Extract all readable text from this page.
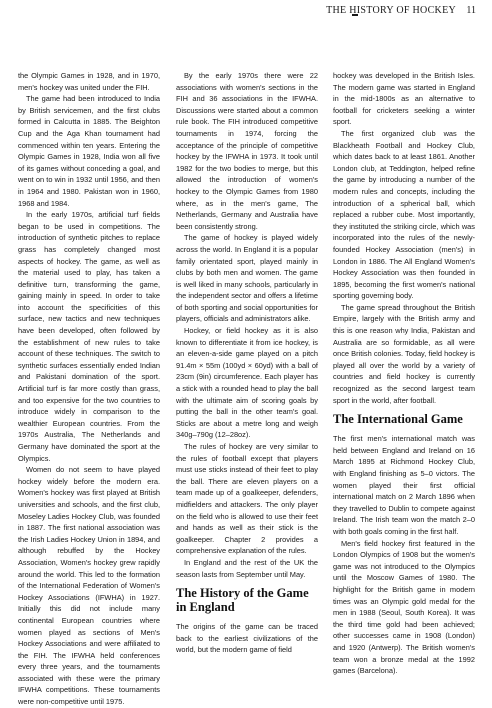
THE HISTORY OF HOCKEY 11

the Olympic Games in 1928, and in 1970, men's hockey was united under the FIH.

The game had been introduced to India by British servicemen, and the first clubs formed in Calcutta in 1885. The Beighton Cup and the Aga Khan tournament had commenced within ten years. Entering the Olympic Games in 1928, India won all five of its games without conceding a goal, and went on to win in 1932 until 1956, and then in 1964 and 1980. Pakistan won in 1960, 1968 and 1984.

In the early 1970s, artificial turf fields began to be used in competitions. The introduction of synthetic pitches to replace grass has completely changed most aspects of hockey. The game, as well as the material used to play, has taken a definitive turn, transforming the game, gaining mainly in speed. In order to take into account the specificities of this surface, new tactics and new techniques have been developed, often followed by the establishment of new rules to take account of these techniques. The switch to synthetic surfaces essentially ended Indian and Pakistani domination of the sport. Artificial turf is far more costly than grass, and too expensive for the two countries to introduce widely in comparison to the wealthier European countries. From the 1970s Australia, The Netherlands and Germany have dominated the sport at the Olympics.

Women do not seem to have played hockey widely before the modern era. Women's hockey was first played at British universities and schools, and the first club, Moseley Ladies Hockey Club, was founded in 1887. The first national association was the Irish Ladies Hockey Union in 1894, and although rebuffed by the Hockey Association, Women's hockey grew rapidly around the world. This led to the formation of the International Federation of Women's Hockey Associations (IFWHA) in 1927. Initially this did not include many continental European countries where women played as sections of Men's Hockey Associations and were affiliated to the FIH. The IFWHA held conferences every three years, and the tournaments associated with these were the primary IFWHA competitions. These tournaments were non-competitive until 1975.

By the early 1970s there were 22 associations with women's sections in the FIH and 36 associations in the IFWHA. Discussions were started about a common rule book. The FIH introduced competitive tournaments in 1974, forcing the acceptance of the principle of competitive hockey by the IFWHA in 1973. It took until 1982 for the two bodies to merge, but this allowed the introduction of women's hockey to the Olympic Games from 1980 where, as in the men's game, The Netherlands, Germany and Australia have been consistently strong.

The game of hockey is played widely across the world. In England it is a popular family orientated sport, played mainly in clubs by both men and women. The game is well liked in many schools, particularly in the independent sector and offers a lifetime of both sporting and social opportunities for players, officials and administrators alike.

Hockey, or field hockey as it is also known to differentiate it from ice hockey, is an eleven-a-side game played on a pitch 91.4m × 55m (100yd × 60yd) with a ball of 23cm (9in) circumference. Each player has a stick with a rounded head to play the ball with the ultimate aim of scoring goals by putting the ball in the other team's goal. Sticks are about a metre long and weigh 340g–790g (12–28oz).

The rules of hockey are very similar to the rules of football except that players must use sticks instead of their feet to play the ball. There are eleven players on a team made up of a goalkeeper, defenders, midfielders and attackers. The only player on the field who is allowed to use their feet and hands as well as their stick is the goalkeeper. Chapter 2 provides a comprehensive explanation of the rules.

In England and the rest of the UK the season lasts from September until May.

The History of the Game in England

The origins of the game can be traced back to the earliest civilizations of the world, but the modern game of field

hockey was developed in the British Isles. The modern game was started in England in the mid-1800s as an alternative to football for cricketers seeking a winter sport.

The first organized club was the Blackheath Football and Hockey Club, which dates back to at least 1861. Another London club, at Teddington, helped refine the game by introducing a number of the modern rules and concepts, including the introduction of a spherical ball, which replaced a rubber cube. Most importantly, they instituted the striking circle, which was incorporated into the rules of the newly-founded Hockey Association (men's) in London in 1886. The All England Women's Hockey Association was then founded in 1895, becoming the first women's national sporting governing body.

The game spread throughout the British Empire, largely with the British army and this is one reason why India, Pakistan and Australia are so formidable, as all were once British colonies. Today, field hockey is played all over the world by a variety of countries and field hockey is currently recognized as the second largest team sport in the world, after football.

The International Game

The first men's international match was held between England and Ireland on 16 March 1895 at Richmond Hockey Club, with England finishing as 5–0 victors. The women played their first official international match on 2 March 1896 when they travelled to Dublin to compete against Ireland. The Irish team won the match 2–0 with both goals coming in the first half.

Men's field hockey first featured in the London Olympics of 1908 but the women's game was not introduced to the Olympics until the Moscow Games of 1980. The highlight for the British game in modern times was an Olympic gold medal for the men in 1988 (Seoul, South Korea). It was the third time gold had been achieved; other successes came in 1908 (London) and 1920 (Antwerp). The British women's team won a bronze medal at the 1992 games (Barcelona).
